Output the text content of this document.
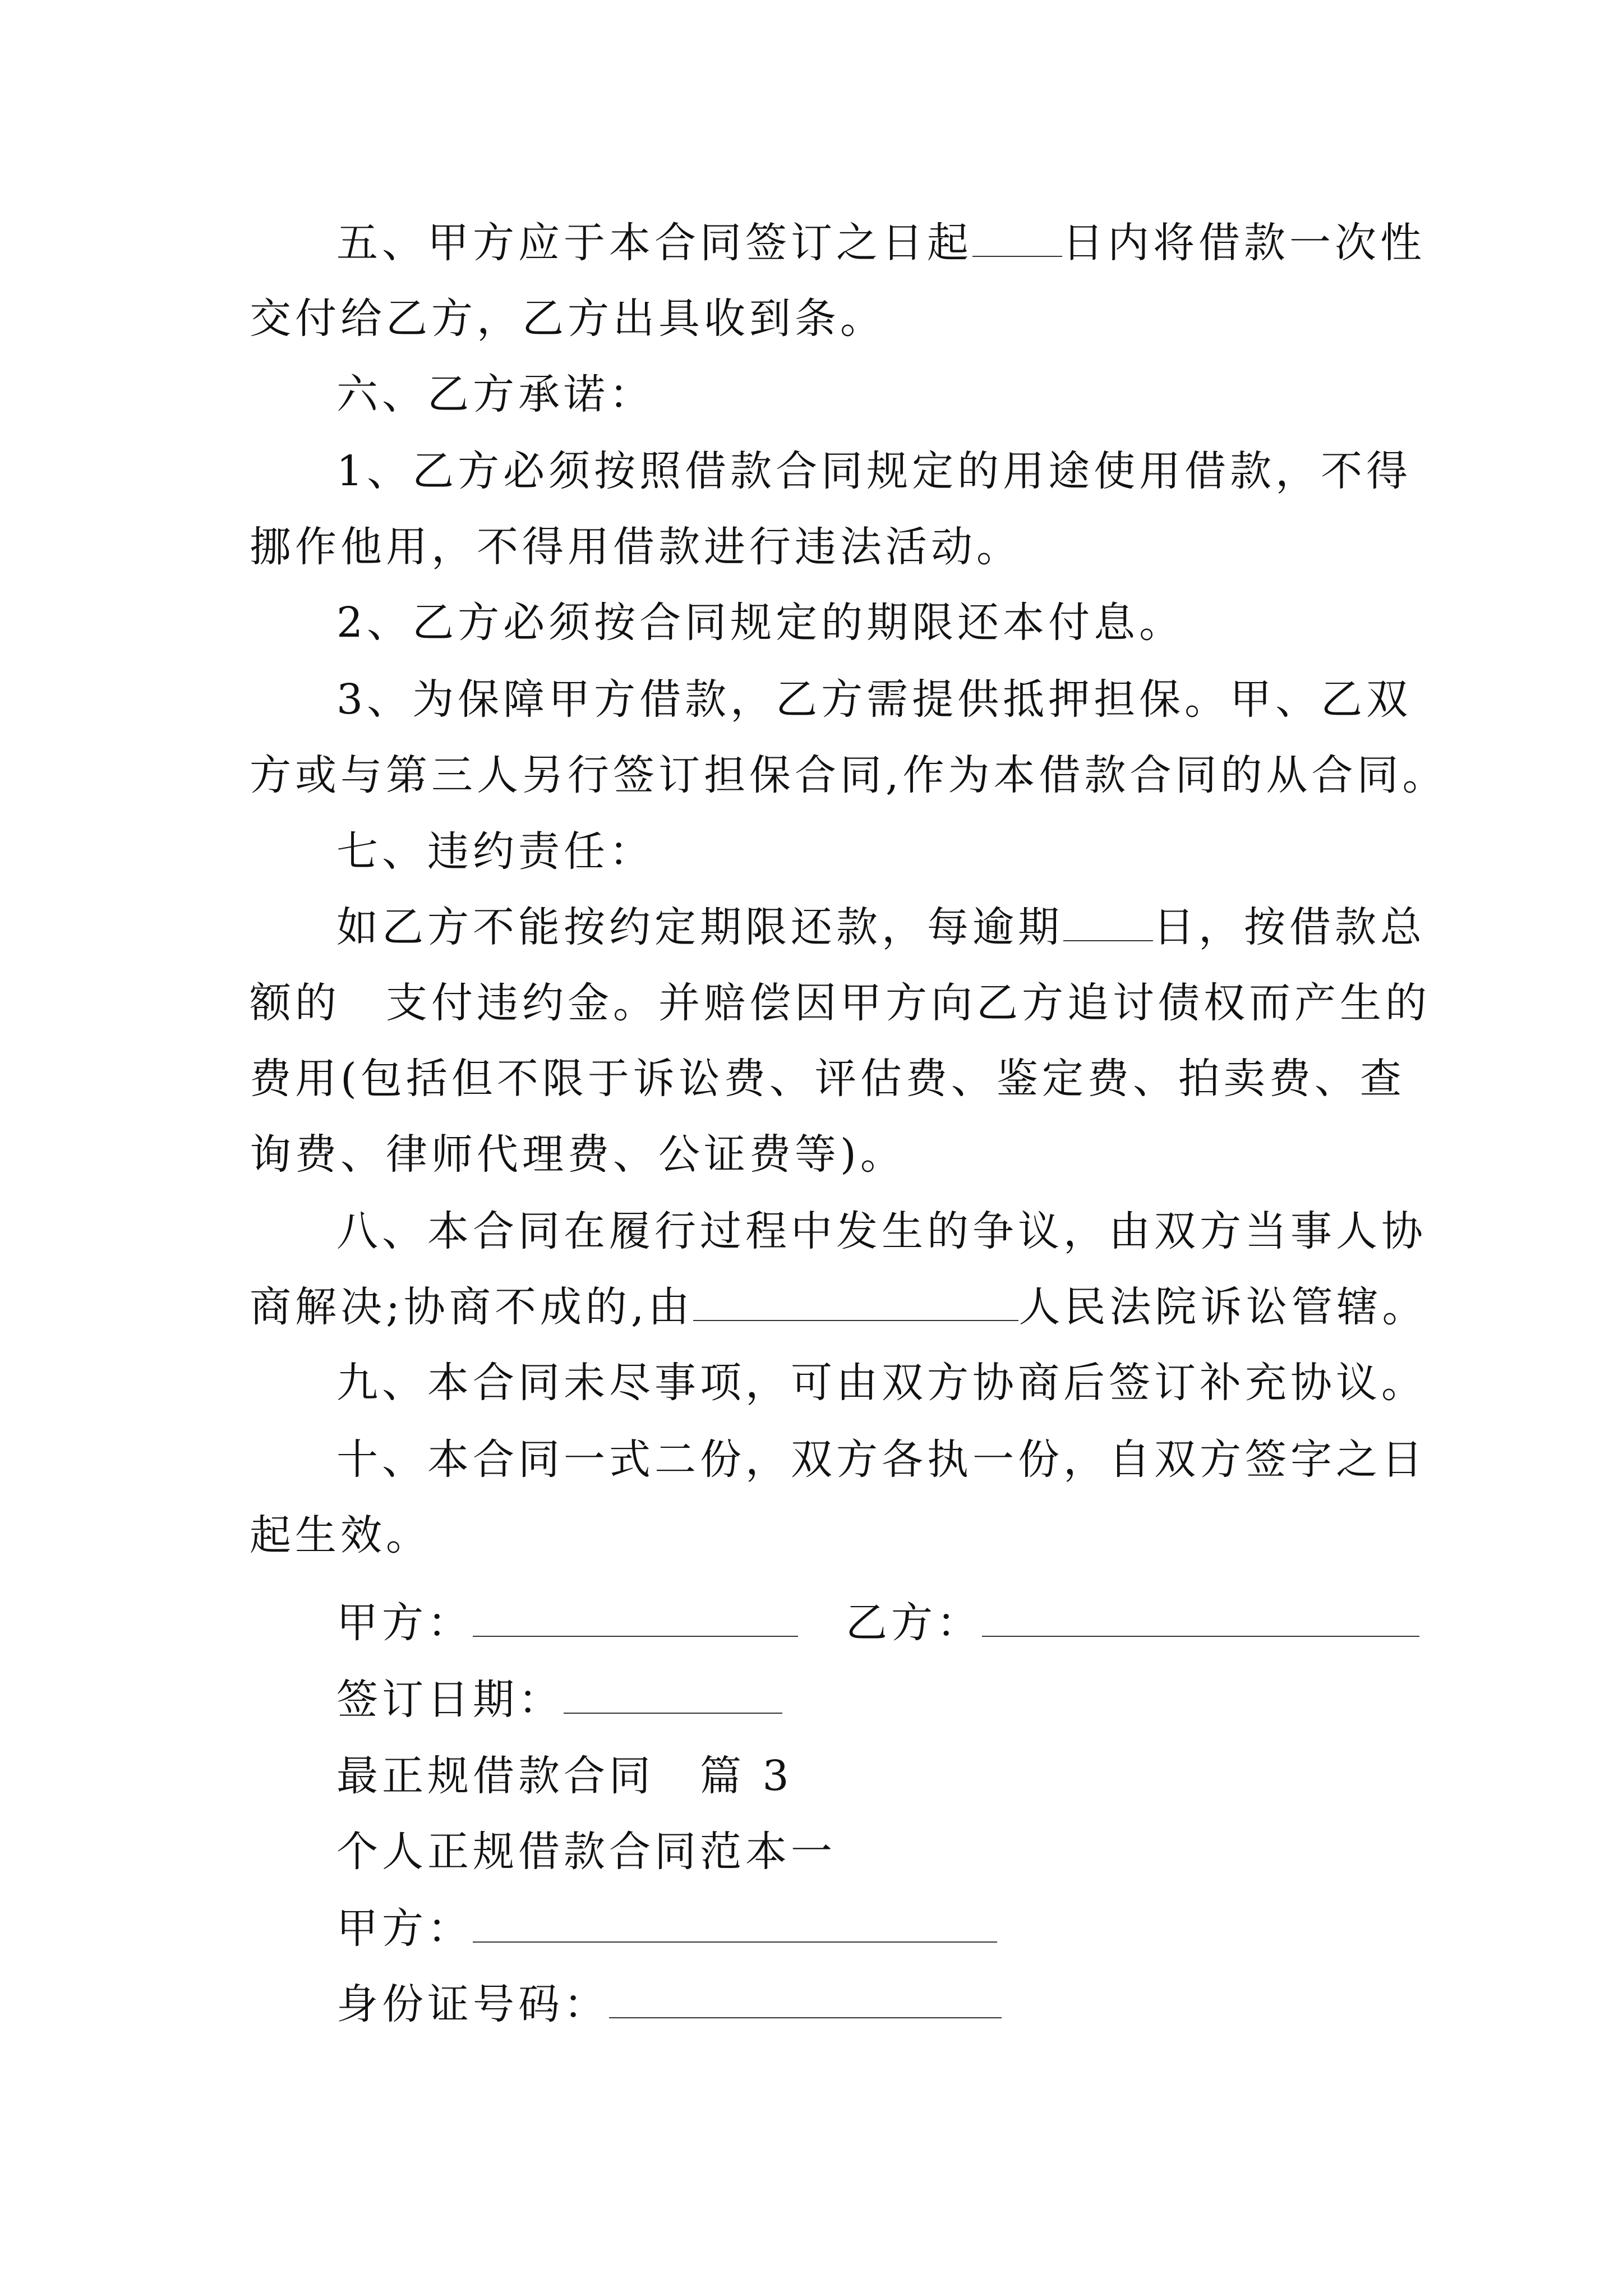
五、甲方应于本合同签订之日起 日内将借款一次性
交付给乙方，乙方出具收到条。
六、乙方承诺：
1、乙方必须按照借款合同规定的用途使用借款，不得
挪作他用，不得用借款进行违法活动。
2、乙方必须按合同规定的期限还本付息。
3、为保障甲方借款，乙方需提供抵押担保。甲、乙双
方或与第三人另行签订担保合同,作为本借款合同的从合同。
七、违约责任：
如乙方不能按约定期限还款，每逾期 日，按借款总
额的　支付违约金。并赔偿因甲方向乙方追讨债权而产生的
费用(包括但不限于诉讼费、评估费、鉴定费、拍卖费、查
询费、律师代理费、公证费等)。
八、本合同在履行过程中发生的争议，由双方当事人协
商解决;协商不成的,由	人民法院诉讼管辖。
九、本合同未尽事项，可由双方协商后签订补充协议。
十、本合同一式二份，双方各执一份，自双方签字之日
起生效。
甲方：	乙方：
签订日期：
最正规借款合同　篇 3
个人正规借款合同范本一
甲方：
身份证号码：
